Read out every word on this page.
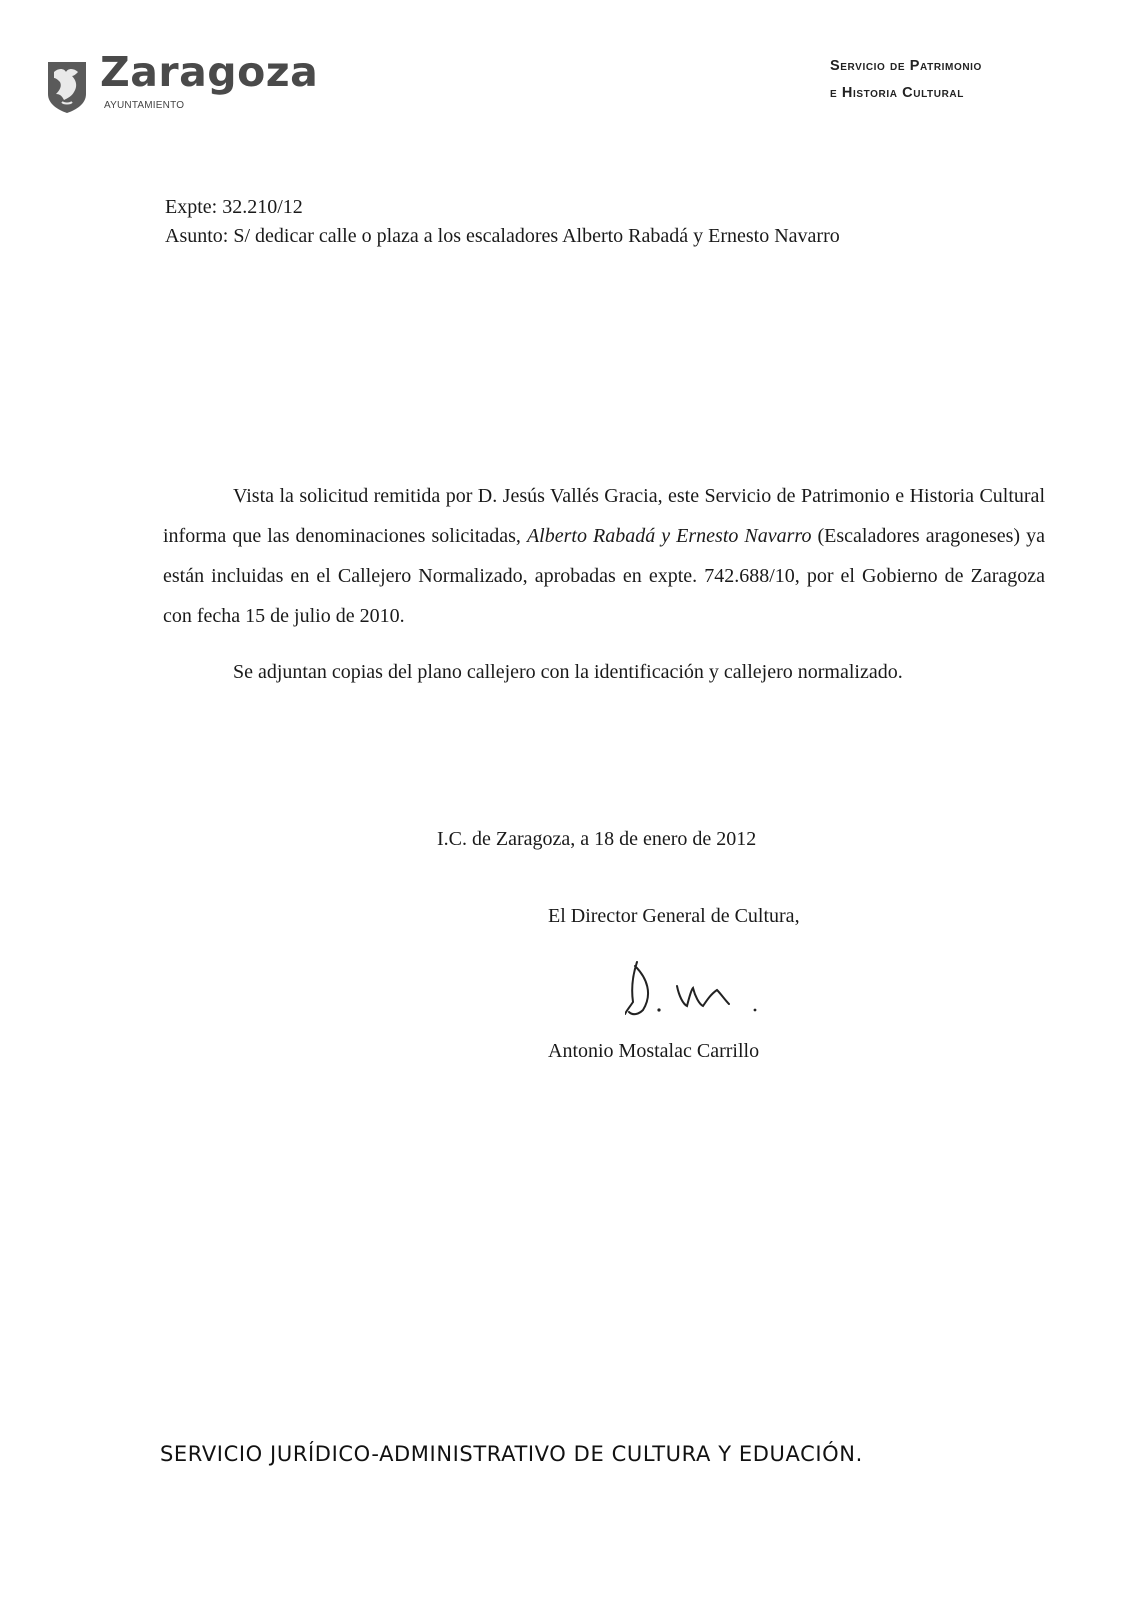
Zaragoza
AYUNTAMIENTO
Servicio de Patrimonio
e Historia Cultural
Expte: 32.210/12
Asunto: S/ dedicar calle o plaza a los escaladores Alberto Rabadá y Ernesto Navarro
Vista la solicitud remitida por D. Jesús Vallés Gracia, este Servicio de Patrimonio e Historia Cultural informa que las denominaciones solicitadas, Alberto Rabadá y Ernesto Navarro (Escaladores aragoneses) ya están incluidas en el Callejero Normalizado, aprobadas en expte. 742.688/10, por el Gobierno de Zaragoza con fecha 15 de julio de 2010.
Se adjuntan copias del plano callejero con la identificación y callejero normalizado.
I.C. de Zaragoza, a 18 de enero de 2012
El Director General de Cultura,
Antonio Mostalac Carrillo
SERVICIO JURÍDICO-ADMINISTRATIVO DE CULTURA Y EDUACIÓN.
